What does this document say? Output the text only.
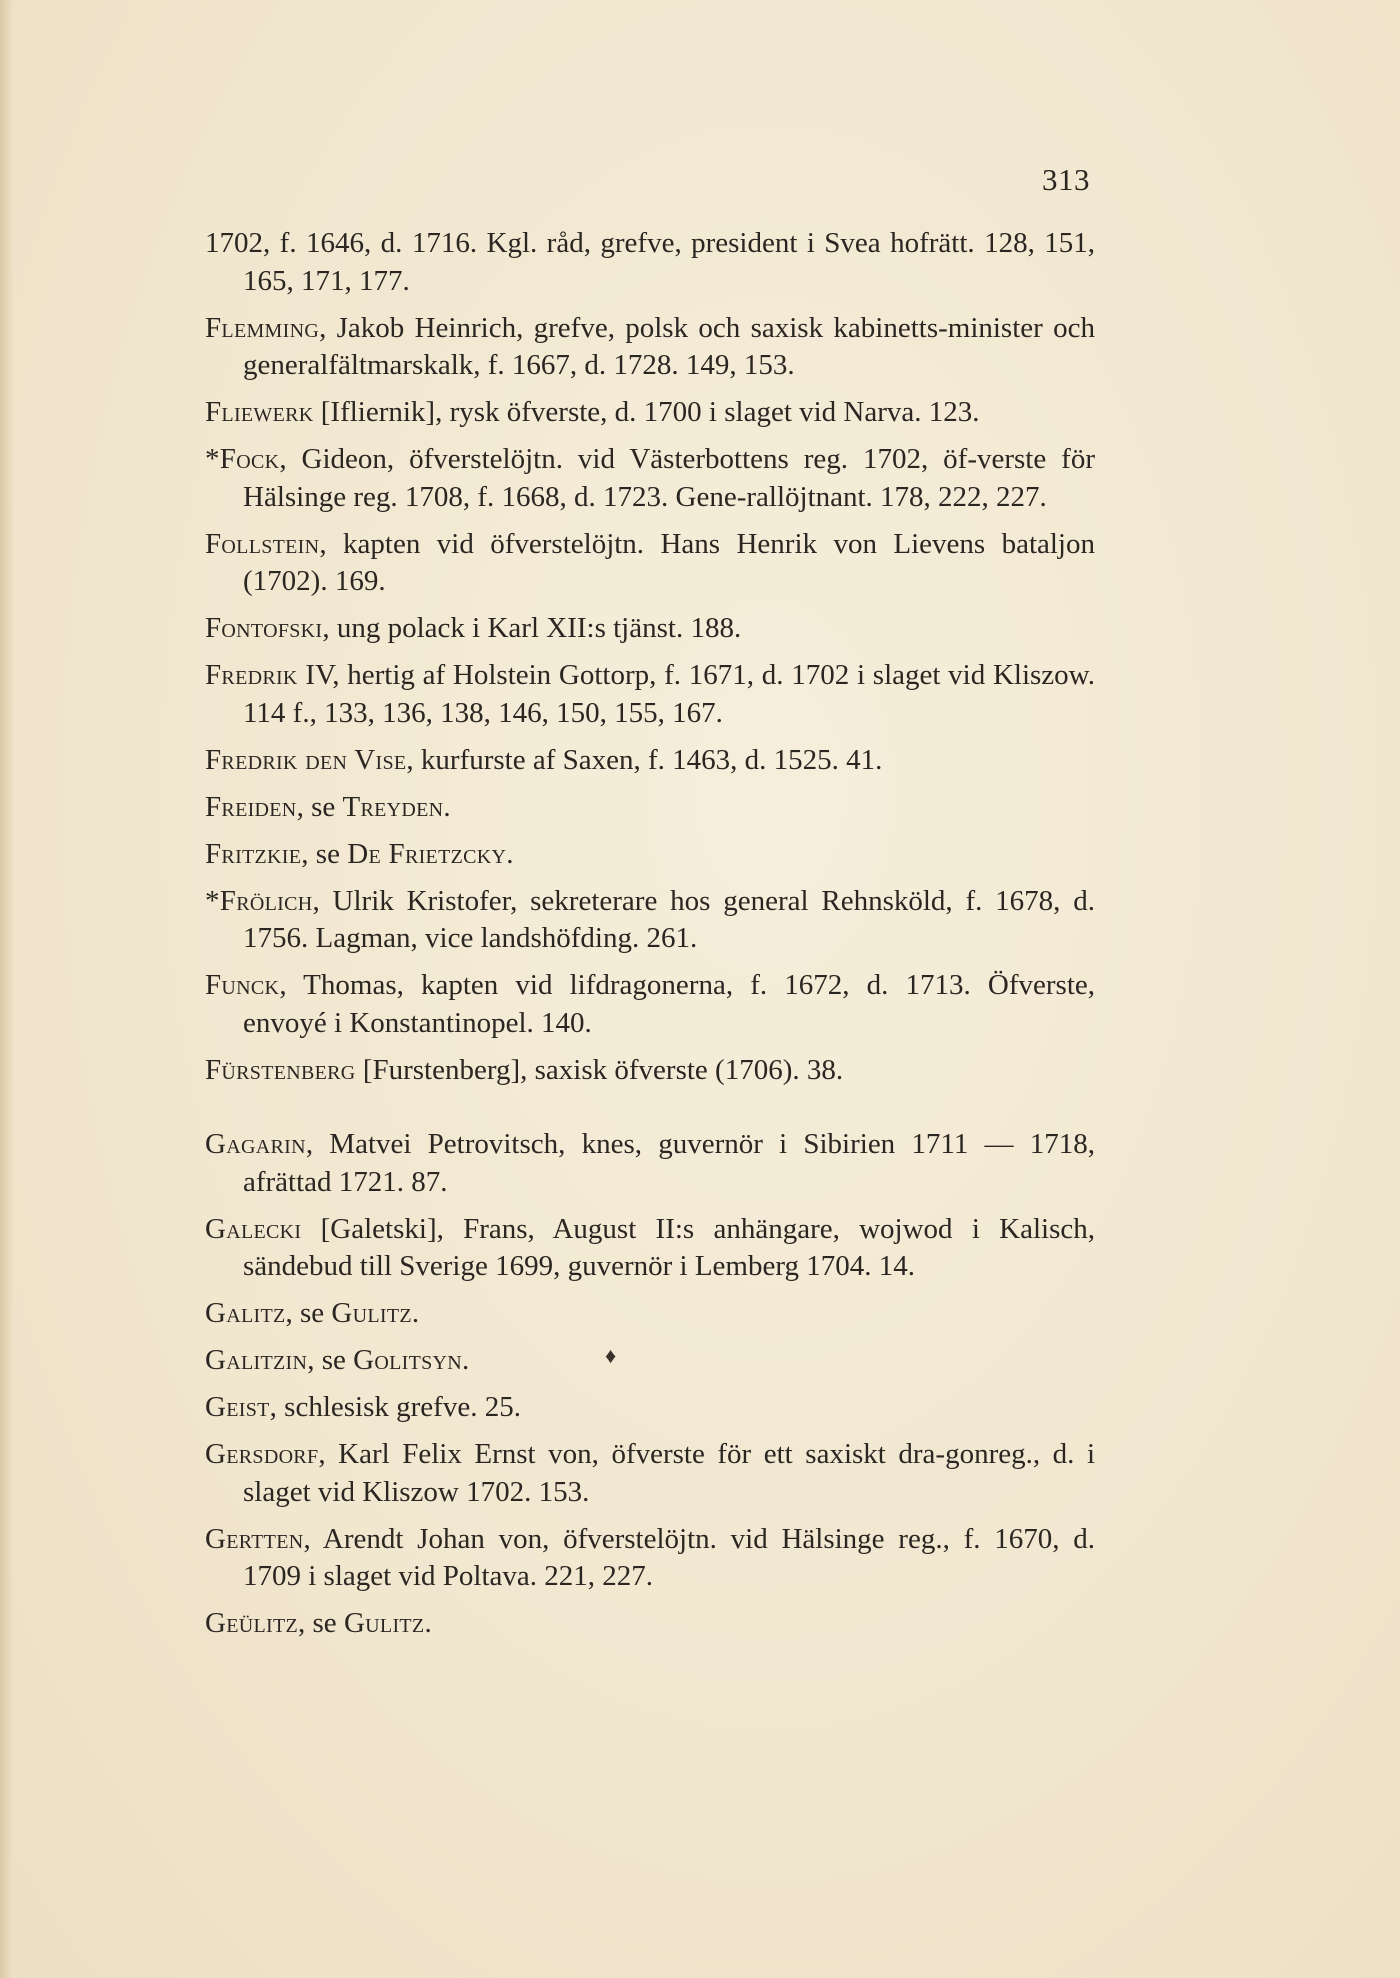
313
♦

1702, f. 1646, d. 1716. Kgl. råd, grefve, president i Svea hofrätt. 128, 151, 165, 171, 177.

Flemming, Jakob Heinrich, grefve, polsk och saxisk kabinetts-minister och generalfältmarskalk, f. 1667, d. 1728. 149, 153.

Fliewerk [Ifliernik], rysk öfverste, d. 1700 i slaget vid Narva. 123.

*Fock, Gideon, öfverstelöjtn. vid Västerbottens reg. 1702, öf-verste för Hälsinge reg. 1708, f. 1668, d. 1723. Gene-rallöjtnant. 178, 222, 227.

Follstein, kapten vid öfverstelöjtn. Hans Henrik von Lievens bataljon (1702). 169.

Fontofski, ung polack i Karl XII:s tjänst. 188.

Fredrik IV, hertig af Holstein Gottorp, f. 1671, d. 1702 i slaget vid Kliszow. 114 f., 133, 136, 138, 146, 150, 155, 167.

Fredrik den Vise, kurfurste af Saxen, f. 1463, d. 1525. 41.

Freiden, se Treyden.

Fritzkie, se De Frietzcky.

*Frölich, Ulrik Kristofer, sekreterare hos general Rehnsköld, f. 1678, d. 1756. Lagman, vice landshöfding. 261.

Funck, Thomas, kapten vid lifdragonerna, f. 1672, d. 1713. Öfverste, envoyé i Konstantinopel. 140.

Fürstenberg [Furstenberg], saxisk öfverste (1706). 38.

Gagarin, Matvei Petrovitsch, knes, guvernör i Sibirien 1711 — 1718, afrättad 1721. 87.

Galecki [Galetski], Frans, August II:s anhängare, wojwod i Kalisch, sändebud till Sverige 1699, guvernör i Lemberg 1704. 14.

Galitz, se Gulitz.

Galitzin, se Golitsyn.

Geist, schlesisk grefve. 25.

Gersdorf, Karl Felix Ernst von, öfverste för ett saxiskt dra-gonreg., d. i slaget vid Kliszow 1702. 153.

Gertten, Arendt Johan von, öfverstelöjtn. vid Hälsinge reg., f. 1670, d. 1709 i slaget vid Poltava. 221, 227.

Geülitz, se Gulitz.
